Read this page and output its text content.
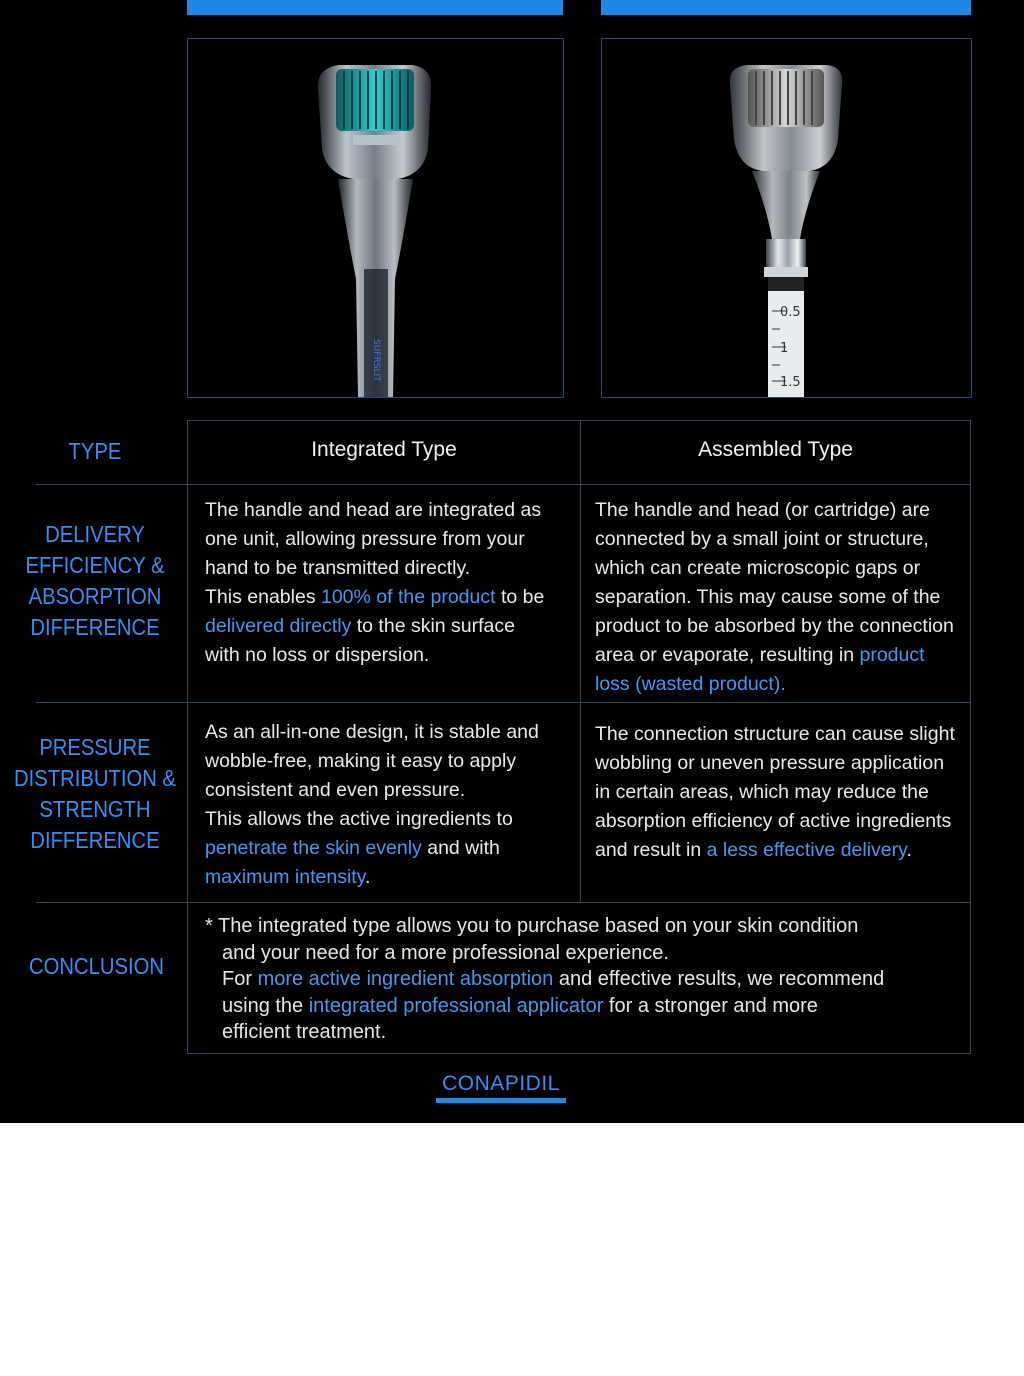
SUFRSLIT
0.5
1
1.5
TYPE
DELIVERY
EFFICIENCY &
ABSORPTION
DIFFERENCE
PRESSURE
DISTRIBUTION &
STRENGTH
DIFFERENCE
CONCLUSION
Integrated Type	Assembled Type
The handle and head are integrated as one unit, allowing pressure from your hand to be transmitted directly.
This enables 100% of the product to be delivered directly to the skin surface with no loss or dispersion.
The handle and head (or cartridge) are connected by a small joint or structure, which can create microscopic gaps or separation. This may cause some of the product to be absorbed by the connection area or evaporate, resulting in product loss (wasted product).
As an all-in-one design, it is stable and wobble-free, making it easy to apply consistent and even pressure.
This allows the active ingredients to penetrate the skin evenly and with maximum intensity.
The connection structure can cause slight wobbling or uneven pressure application in certain areas, which may reduce the absorption efficiency of active ingredients and result in a less effective delivery.
* The integrated type allows you to purchase based on your skin condition
and your need for a more professional experience.
For more active ingredient absorption and effective results, we recommend
using the integrated professional applicator for a stronger and more
efficient treatment.
CONAPIDIL
